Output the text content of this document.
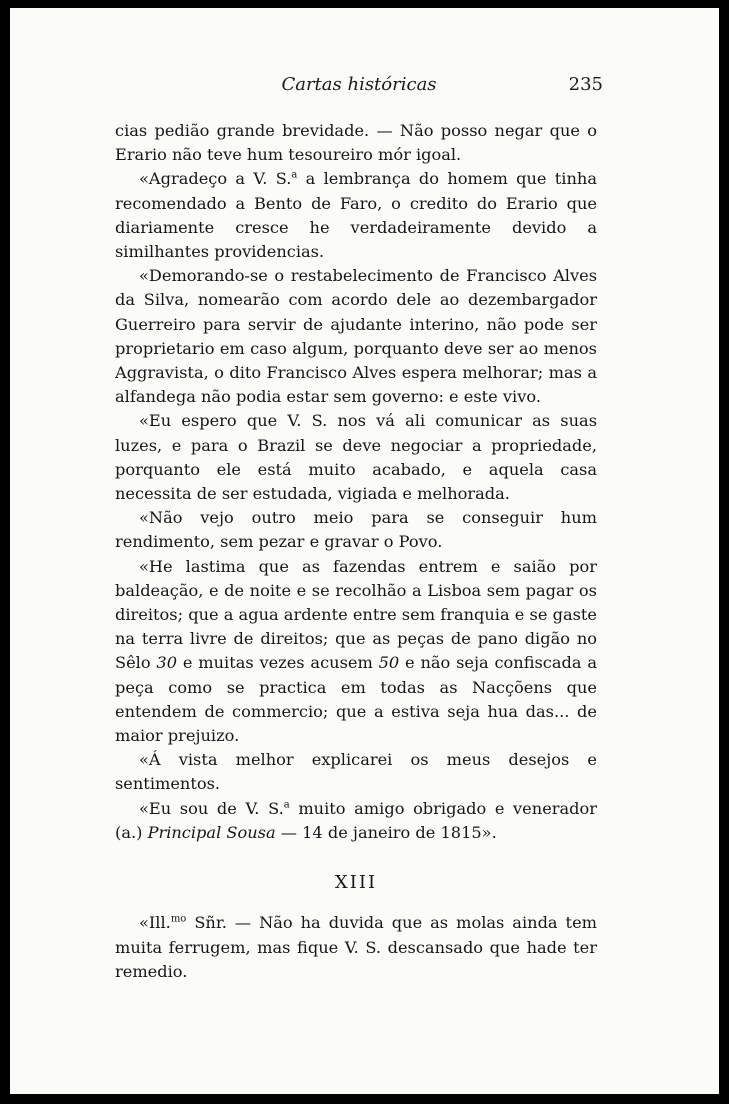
Cartas históricas	235

cias pedião grande brevidade. — Não posso negar que o Erario não teve hum tesoureiro mór igoal.

«Agradeço a V. S.$^a$ a lembrança do homem que tinha recomendado a Bento de Faro, o credito do Erario que diariamente cresce he verdadeiramente devido a similhantes providencias.

«Demorando-se o restabelecimento de Francisco Alves da Silva, nomearão com acordo dele ao dezembargador Guerreiro para servir de ajudante interino, não pode ser proprietario em caso algum, porquanto deve ser ao menos Aggravista, o dito Francisco Alves espera melhorar; mas a alfandega não podia estar sem governo: e este vivo.

«Eu espero que V. S. nos vá ali comunicar as suas luzes, e para o Brazil se deve negociar a propriedade, porquanto ele está muito acabado, e aquela casa necessita de ser estudada, vigiada e melhorada.

«Não vejo outro meio para se conseguir hum rendimento, sem pezar e gravar o Povo.

«He lastima que as fazendas entrem e saião por baldeação, e de noite e se recolhão a Lisboa sem pagar os direitos; que a agua ardente entre sem franquia e se gaste na terra livre de direitos; que as peças de pano digão no Sêlo 30 e muitas vezes acusem 50 e não seja confiscada a peça como se practica em todas as Nacçõens que entendem de commercio; que a estiva seja hua das... de maior prejuizo.

«Á vista melhor explicarei os meus desejos e sentimentos.

«Eu sou de V. S.$^a$ muito amigo obrigado e venerador (a.) Principal Sousa — 14 de janeiro de 1815».

XIII

«Ill.$^{mo}$ Sñr. — Não ha duvida que as molas ainda tem muita ferrugem, mas fique V. S. descansado que hade ter remedio.
